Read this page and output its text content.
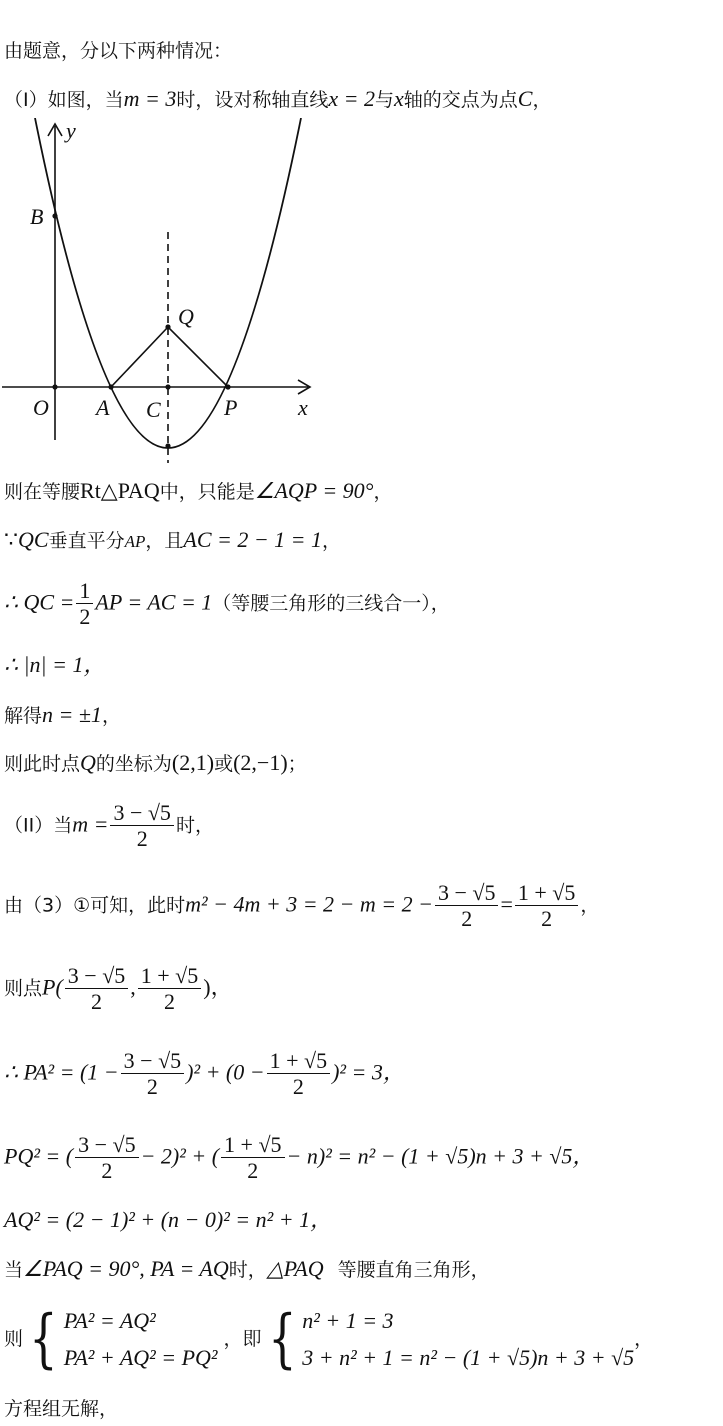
由题意，分以下两种情况：
（I）如图，当m = 3时，设对称轴直线x = 2与x轴的交点为点C，
y
x
B
Q
O A C	P
则在等腰Rt△PAQ中，只能是∠AQP = 90°，
∵QC垂直平分AP，且AC = 2 − 1 = 1，
∴ QC = $\frac{1}{2}$ AP = AC = 1（等腰三角形的三线合一），
∴ |n| = 1，
解得n = ±1，
则此时点Q的坐标为(2,1)或(2,−1)；
（II）当$m = \frac{3 - √5}{2}$ 时，
由（3）①可知，此时$m^2 - 4m + 3 = 2 - m = 2 - \frac{3 - √5}{2} = \frac{1 + √5}{2}$ ，
则点$P( \frac{3 - √5}{2}$ , $\frac{1 + √5}{2}$ )，
∴ $PA^2 = (1 - \frac{3 - √5}{2} )^2 + (0 - \frac{1 + √5}{2} )^2 = 3$，
PQ² = ( $\frac{3 - √5}{2} - 2)^2$ + ( $\frac{1 + √5}{2} - n)^2 = n^2 - (1 + √5)n + 3 + √5$，
AQ² = (2 − 1)² + (n − 0)² = n² + 1，
当∠PAQ = 90°, PA = AQ时，△PAQ 等腰直角三角形，
则{ PA² = AQ²
PA² + AQ² = PQ²
，即{ n² + 1 = 3
3 + n² + 1 = n² − (1 + √5)n + 3 + √5
，
方程组无解，
